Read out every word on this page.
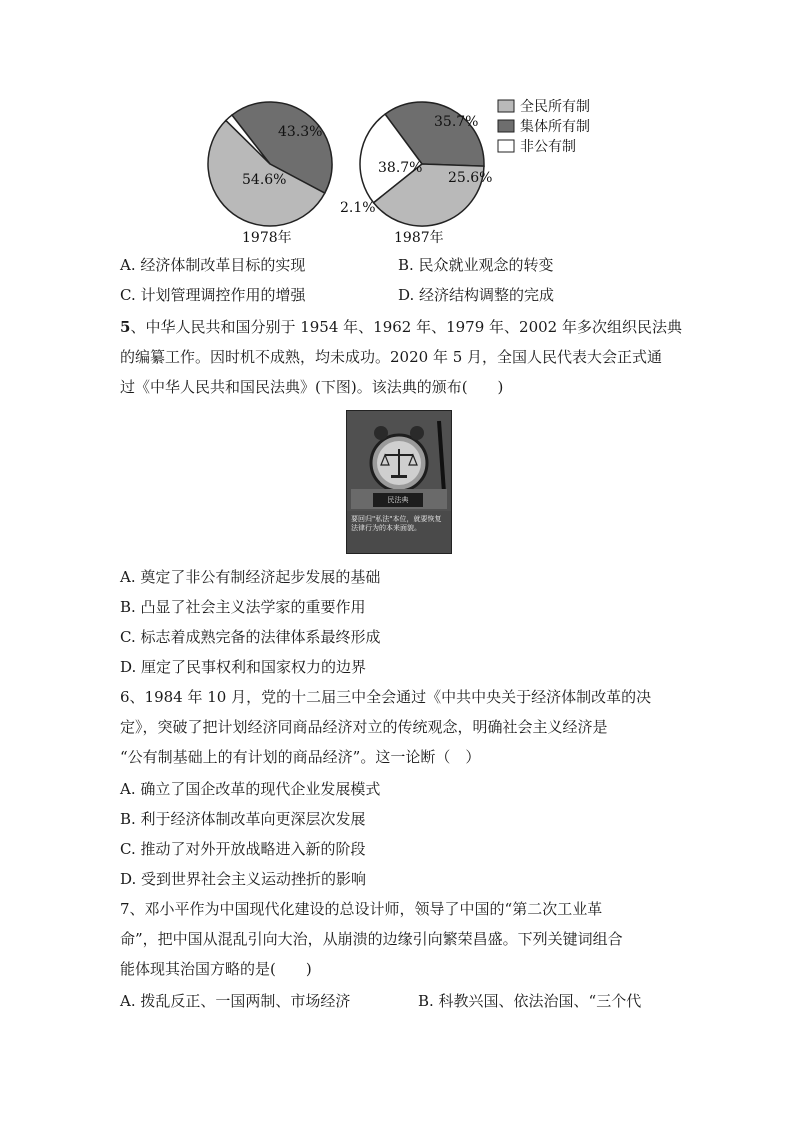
54.6%
43.3%
2.1%
1978年
38.7%
35.7%
25.6%
1987年
全民所有制
集体所有制
非公有制
A. 经济体制改革目标的实现	B. 民众就业观念的转变
C. 计划管理调控作用的增强	D. 经济结构调整的完成
5、中华人民共和国分别于 1954 年、1962 年、1979 年、2002 年多次组织民法典
的编纂工作。因时机不成熟，均未成功。2020 年 5 月，全国人民代表大会正式通
过《中华人民共和国民法典》(下图)。该法典的颁布(　　)
民法典
要回归"私法"本位，就要恢复法律行为的本来面貌。
A. 奠定了非公有制经济起步发展的基础
B. 凸显了社会主义法学家的重要作用
C. 标志着成熟完备的法律体系最终形成
D. 厘定了民事权利和国家权力的边界
6、1984 年 10 月，党的十二届三中全会通过《中共中央关于经济体制改革的决
定》，突破了把计划经济同商品经济对立的传统观念，明确社会主义经济是
“公有制基础上的有计划的商品经济”。这一论断（　）
A. 确立了国企改革的现代企业发展模式
B. 利于经济体制改革向更深层次发展
C. 推动了对外开放战略进入新的阶段
D. 受到世界社会主义运动挫折的影响
7、邓小平作为中国现代化建设的总设计师，领导了中国的“第二次工业革
命”，把中国从混乱引向大治，从崩溃的边缘引向繁荣昌盛。下列关键词组合
能体现其治国方略的是(　　)
A. 拨乱反正、一国两制、市场经济	B. 科教兴国、依法治国、“三个代
